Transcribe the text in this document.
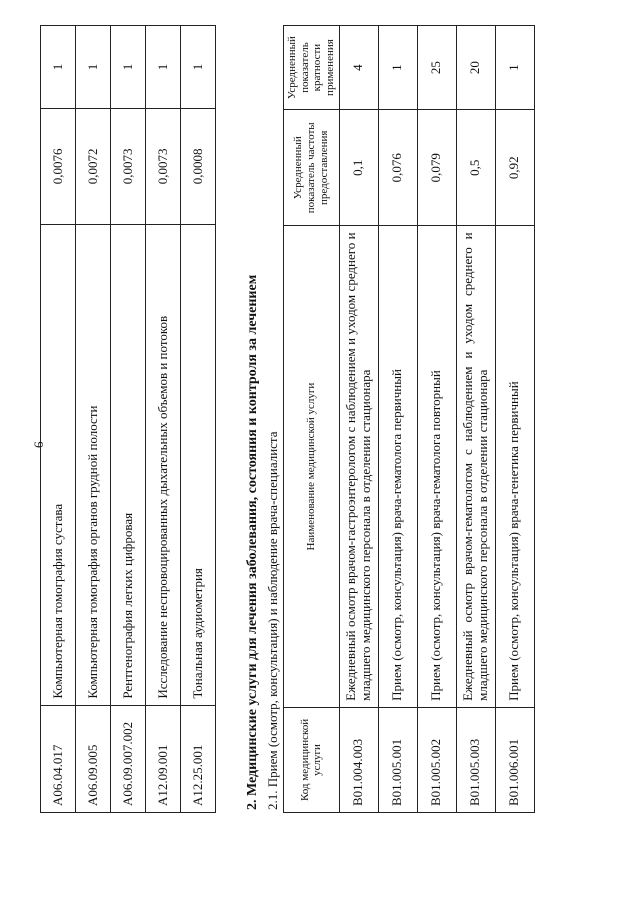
6
A06.04.017	Компьютерная томография сустава	0,0076	1
A06.09.005	Компьютерная томография органов грудной полости	0,0072	1
A06.09.007.002	Рентгенография легких цифровая	0,0073	1
A12.09.001	Исследование неспровоцированных дыхательных объемов и потоков	0,0073	1
A12.25.001	Тональная аудиометрия	0,0008	1
2. Медицинские услуги для лечения заболевания, состояния и контроля за лечением 2.1. Прием (осмотр, консультация) и наблюдение врача-специалиста Код медицинской услуги	Наименование медицинской услуги	Усредненный показатель частоты предоставления	Усредненный показатель кратности применения
B01.004.003	Ежедневный осмотр врачом-гастроэнтерологом с наблюдением и уходом среднего и младшего медицинского персонала в отделении стационара	0,1	4
B01.005.001	Прием (осмотр, консультация) врача-гематолога первичный	0,076	1
B01.005.002	Прием (осмотр, консультация) врача-гематолога повторный	0,079	25
B01.005.003	Ежедневный осмотр врачом-гематологом с наблюдением и уходом среднего и младшего медицинского персонала в отделении стационара	0,5	20
B01.006.001	Прием (осмотр, консультация) врача-генетика первичный	0,92	1
